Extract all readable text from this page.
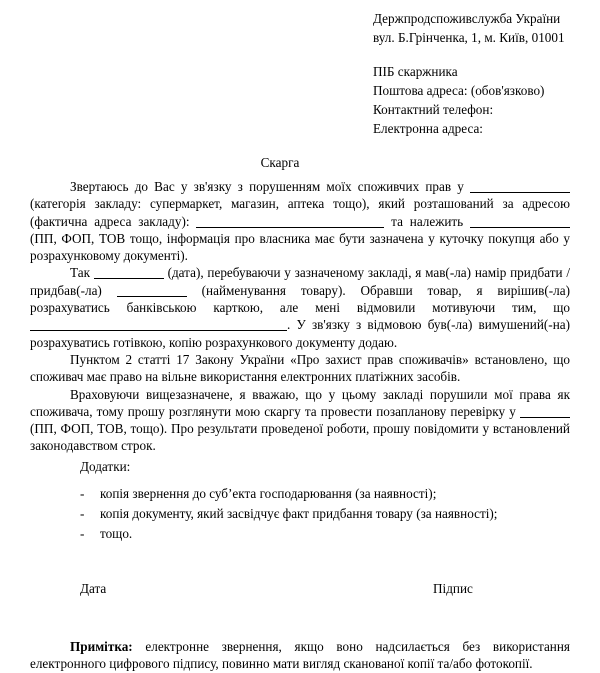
Держпродспоживслужба України
вул. Б.Грінченка, 1, м. Київ, 01001
ПІБ скаржника
Поштова адреса: (обов'язково)
Контактний телефон:
Електронна адреса:
Скарга

Звертаюсь до Вас у зв'язку з порушенням моїх споживчих прав у  (категорія закладу: супермаркет, магазин, аптека тощо), який розташований за адресою (фактична адреса закладу):	та належить  (ПП, ФОП, ТОВ тощо, інформація про власника має бути зазначена у куточку покупця або у розрахунковому документі).

Так	(дата), перебуваючи у зазначеному закладі, я мав(-ла) намір придбати / придбав(-ла)	(найменування товару). Обравши товар, я вирішив(-ла) розрахуватись банківською карткою, але мені відмовили мотивуючи тим, що . У зв'язку з відмовою був(-ла) вимушений(-на) розрахуватись готівкою, копію розрахункового документу додаю.

Пунктом 2 статті 17 Закону України «Про захист прав споживачів» встановлено, що споживач має право на вільне використання електронних платіжних засобів.

Враховуючи вищезазначене, я вважаю, що у цьому закладі порушили мої права як споживача, тому прошу розглянути мою скаргу та провести позапланову перевірку у (ПП, ФОП, ТОВ, тощо). Про результати проведеної роботи, прошу повідомити у встановлений законодавством строк.

Додатки:
- копія звернення до суб’екта господарювання (за наявності);
- копія документу, який засвідчує факт придбання товару (за наявності);
- тощо.
Дата	Підпис

Примітка: електронне звернення, якщо воно надсилається без використання електронного цифрового підпису, повинно мати вигляд сканованої копії та/або фотокопії.
